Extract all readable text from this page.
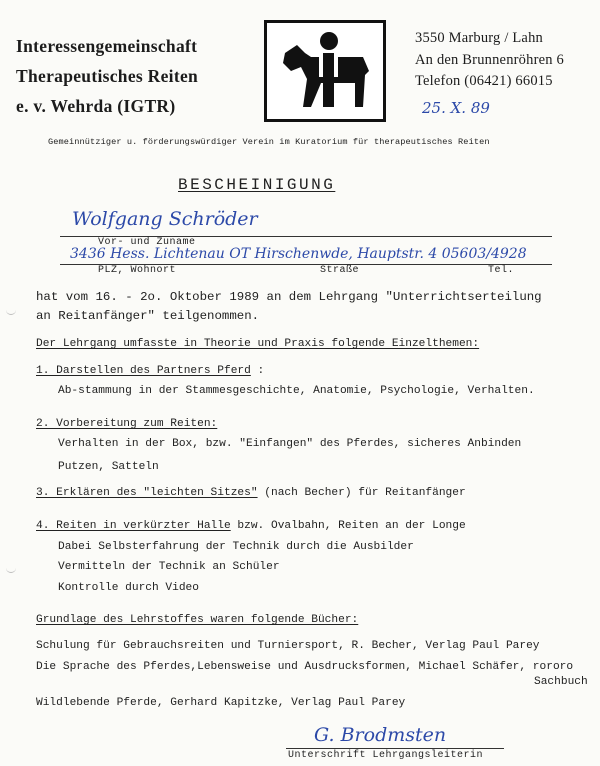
Interessengemeinschaft
Therapeutisches Reiten
e. v. Wehrda (IGTR)
3550 Marburg / Lahn
An den Brunnenröhren 6
Telefon (06421) 66015
25. X. 89
Gemeinnütziger u. förderungswürdiger Verein im Kuratorium für therapeutisches Reiten
BESCHEINIGUNG
Wolfgang Schröder
Vor- und Zuname
3436 Hess. Lichtenau OT Hirschenwde, Hauptstr. 4 05603/4928
PLZ, Wohnort	Straße	Tel.
hat vom 16. - 2o. Oktober 1989 an dem Lehrgang "Unterrichtserteilung
an Reitanfänger" teilgenommen.
Der Lehrgang umfasste in Theorie und Praxis folgende Einzelthemen:
1. Darstellen des Partners Pferd :
Ab-stammung in der Stammesgeschichte, Anatomie, Psychologie, Verhalten.
2. Vorbereitung zum Reiten:
Verhalten in der Box, bzw. "Einfangen" des Pferdes, sicheres Anbinden
Putzen, Satteln
3. Erklären des "leichten Sitzes" (nach Becher) für Reitanfänger
4. Reiten in verkürzter Halle bzw. Ovalbahn, Reiten an der Longe
Dabei Selbsterfahrung der Technik durch die Ausbilder
Vermitteln der Technik an Schüler
Kontrolle durch Video
Grundlage des Lehrstoffes waren folgende Bücher:
Schulung für Gebrauchsreiten und Turniersport, R. Becher, Verlag Paul Parey
Die Sprache des Pferdes,Lebensweise und Ausdrucksformen, Michael Schäfer, rororo
Sachbuch
Wildlebende Pferde, Gerhard Kapitzke, Verlag Paul Parey
G. Brodmsten
Unterschrift Lehrgangsleiterin
